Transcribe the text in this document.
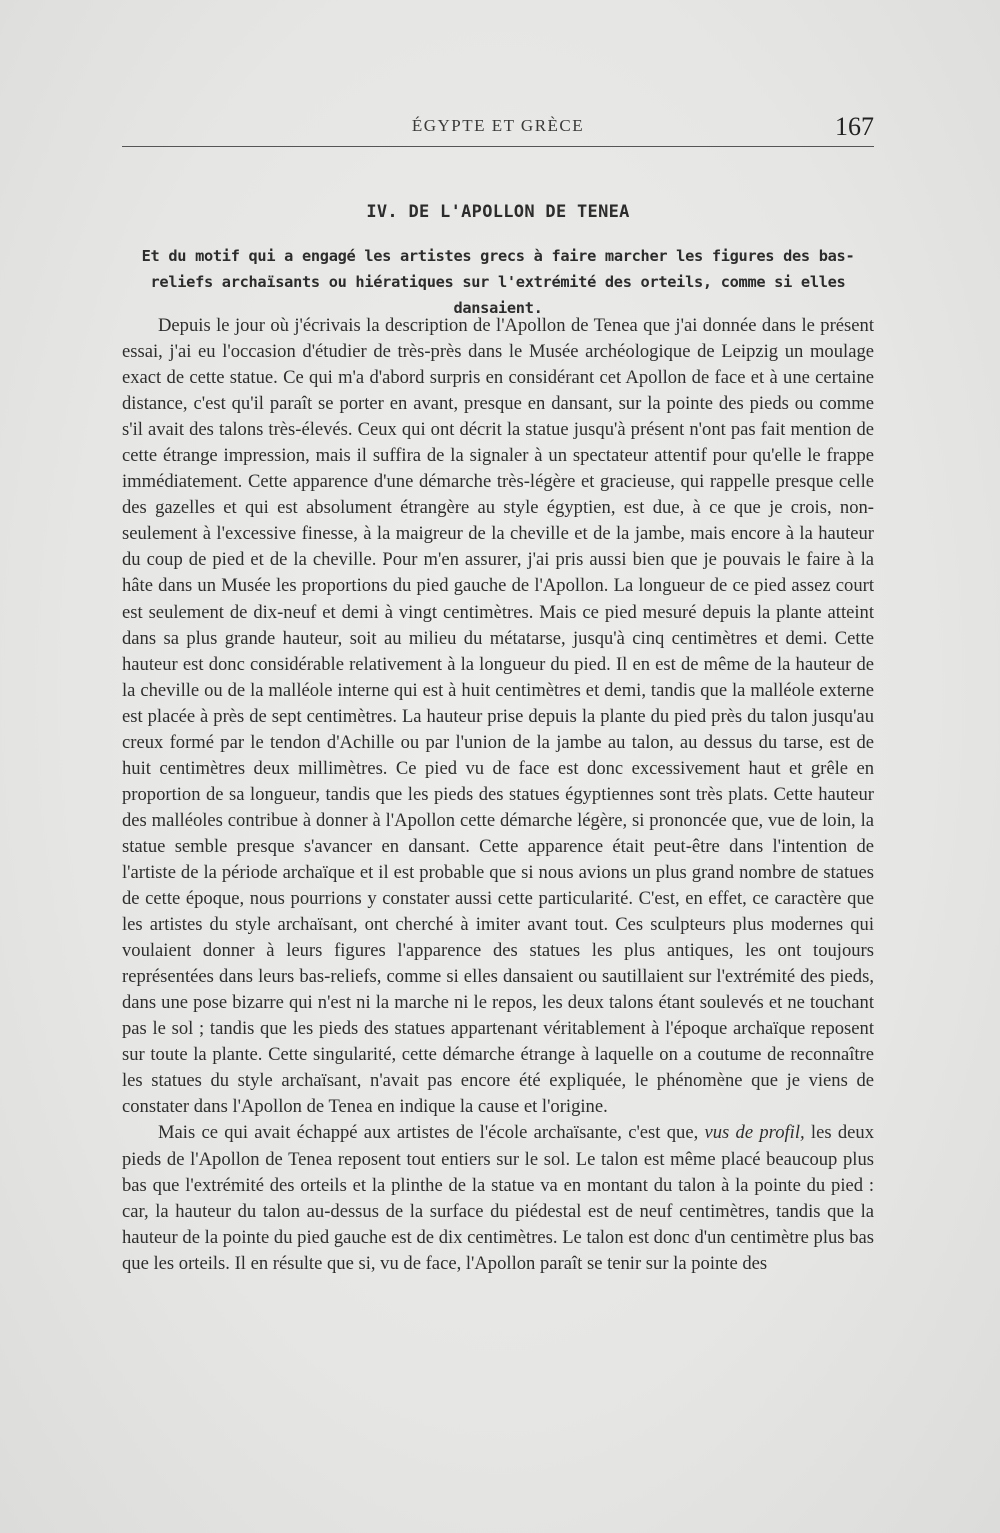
ÉGYPTE ET GRÈCE	167
IV. DE L'APOLLON DE TENEA
Et du motif qui a engagé les artistes grecs à faire marcher les figures des bas-reliefs archaïsants ou hiératiques sur l'extrémité des orteils, comme si elles dansaient.

Depuis le jour où j'écrivais la description de l'Apollon de Tenea que j'ai donnée dans le présent essai, j'ai eu l'occasion d'étudier de très-près dans le Musée archéologique de Leipzig un moulage exact de cette statue. Ce qui m'a d'abord surpris en considérant cet Apollon de face et à une certaine distance, c'est qu'il paraît se porter en avant, presque en dansant, sur la pointe des pieds ou comme s'il avait des talons très-élevés. Ceux qui ont décrit la statue jusqu'à présent n'ont pas fait mention de cette étrange impression, mais il suffira de la signaler à un spectateur attentif pour qu'elle le frappe immédiatement. Cette apparence d'une démarche très-légère et gracieuse, qui rappelle presque celle des gazelles et qui est absolument étrangère au style égyptien, est due, à ce que je crois, non-seulement à l'excessive finesse, à la maigreur de la cheville et de la jambe, mais encore à la hauteur du coup de pied et de la cheville. Pour m'en assurer, j'ai pris aussi bien que je pouvais le faire à la hâte dans un Musée les proportions du pied gauche de l'Apollon. La longueur de ce pied assez court est seulement de dix-neuf et demi à vingt centimètres. Mais ce pied mesuré depuis la plante atteint dans sa plus grande hauteur, soit au milieu du métatarse, jusqu'à cinq centimètres et demi. Cette hauteur est donc considérable relativement à la longueur du pied. Il en est de même de la hauteur de la cheville ou de la malléole interne qui est à huit centimètres et demi, tandis que la malléole externe est placée à près de sept centimètres. La hauteur prise depuis la plante du pied près du talon jusqu'au creux formé par le tendon d'Achille ou par l'union de la jambe au talon, au dessus du tarse, est de huit centimètres deux millimètres. Ce pied vu de face est donc excessivement haut et grêle en proportion de sa longueur, tandis que les pieds des statues égyptiennes sont très plats. Cette hauteur des malléoles contribue à donner à l'Apollon cette démarche légère, si prononcée que, vue de loin, la statue semble presque s'avancer en dansant. Cette apparence était peut-être dans l'intention de l'artiste de la période archaïque et il est probable que si nous avions un plus grand nombre de statues de cette époque, nous pourrions y constater aussi cette particularité. C'est, en effet, ce caractère que les artistes du style archaïsant, ont cherché à imiter avant tout. Ces sculpteurs plus modernes qui voulaient donner à leurs figures l'apparence des statues les plus antiques, les ont toujours représentées dans leurs bas-reliefs, comme si elles dansaient ou sautillaient sur l'extrémité des pieds, dans une pose bizarre qui n'est ni la marche ni le repos, les deux talons étant soulevés et ne touchant pas le sol ; tandis que les pieds des statues appartenant véritablement à l'époque archaïque reposent sur toute la plante. Cette singularité, cette démarche étrange à laquelle on a coutume de reconnaître les statues du style archaïsant, n'avait pas encore été expliquée, le phénomène que je viens de constater dans l'Apollon de Tenea en indique la cause et l'origine.

Mais ce qui avait échappé aux artistes de l'école archaïsante, c'est que, vus de profil, les deux pieds de l'Apollon de Tenea reposent tout entiers sur le sol. Le talon est même placé beaucoup plus bas que l'extrémité des orteils et la plinthe de la statue va en montant du talon à la pointe du pied : car, la hauteur du talon au-dessus de la surface du piédestal est de neuf centimètres, tandis que la hauteur de la pointe du pied gauche est de dix centimètres. Le talon est donc d'un centimètre plus bas que les orteils. Il en résulte que si, vu de face, l'Apollon paraît se tenir sur la pointe des
